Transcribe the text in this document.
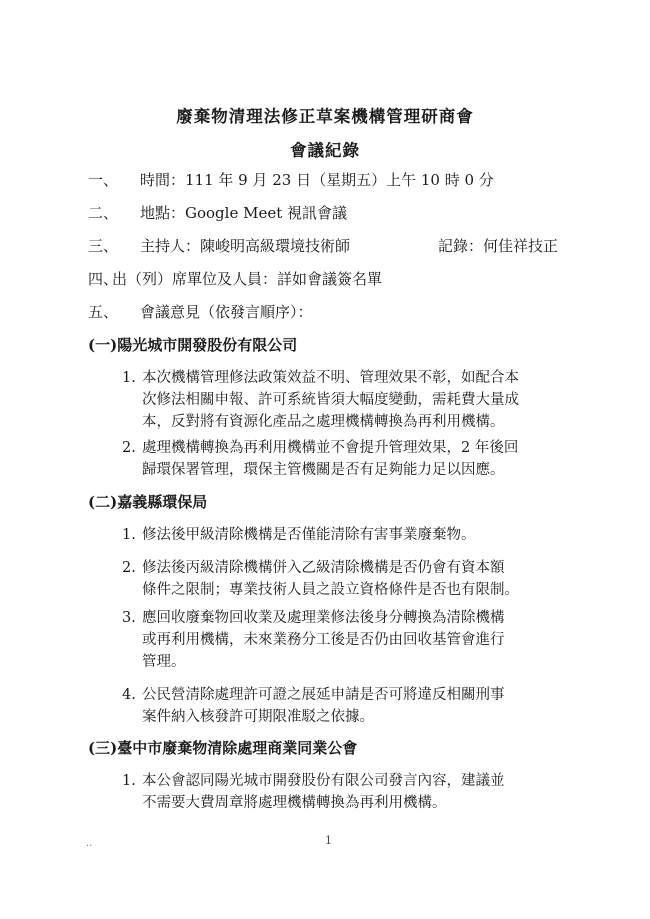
廢棄物清理法修正草案機構管理研商會
會議紀錄
一、 時間：111 年 9 月 23 日（星期五）上午 10 時 0 分
二、 地點：Google Meet 視訊會議
三、 主持人：陳峻明高級環境技術師	記錄：何佳祥技正
四、出（列）席單位及人員：詳如會議簽名單
五、 會議意見（依發言順序）：
(一)陽光城市開發股份有限公司
1. 本次機構管理修法政策效益不明、管理效果不彰，如配合本
次修法相關申報、許可系統皆須大幅度變動，需耗費大量成
本，反對將有資源化產品之處理機構轉換為再利用機構。
2. 處理機構轉換為再利用機構並不會提升管理效果，2 年後回
歸環保署管理，環保主管機關是否有足夠能力足以因應。
(二)嘉義縣環保局
1. 修法後甲級清除機構是否僅能清除有害事業廢棄物。
2. 修法後丙級清除機構併入乙級清除機構是否仍會有資本額
條件之限制；專業技術人員之設立資格條件是否也有限制。
3. 應回收廢棄物回收業及處理業修法後身分轉換為清除機構
或再利用機構，未來業務分工後是否仍由回收基管會進行
管理。
4. 公民營清除處理許可證之展延申請是否可將違反相關刑事
案件納入核發許可期限准駁之依據。
(三)臺中市廢棄物清除處理商業同業公會
1. 本公會認同陽光城市開發股份有限公司發言內容，建議並
不需要大費周章將處理機構轉換為再利用機構。
..	1
